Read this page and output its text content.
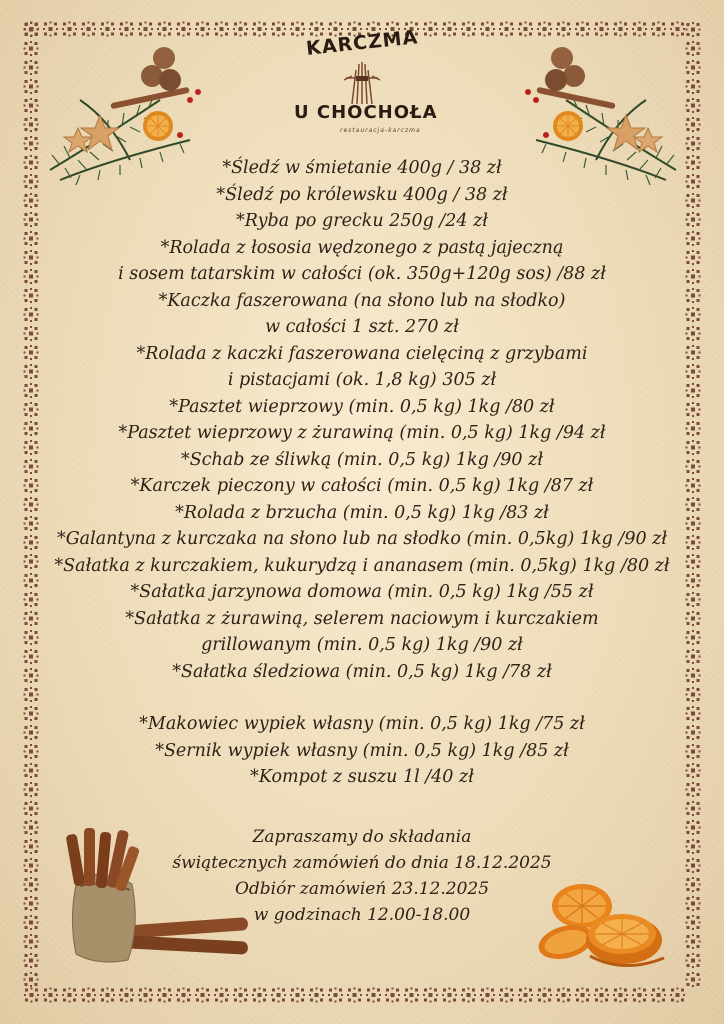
KARCZMA
U CHOCHOŁA
restauracja-karczma
*Śledź w śmietanie 400g / 38 zł
*Śledź po królewsku 400g / 38 zł
*Ryba po grecku 250g /24 zł
*Rolada z łososia wędzonego z pastą jajeczną
i sosem tatarskim w całości (ok. 350g+120g sos) /88 zł
*Kaczka faszerowana (na słono lub na słodko)
w całości 1 szt. 270 zł
*Rolada z kaczki faszerowana cielęciną z grzybami
i pistacjami (ok. 1,8 kg) 305 zł
*Pasztet wieprzowy (min. 0,5 kg) 1kg /80 zł
*Pasztet wieprzowy z żurawiną (min. 0,5 kg) 1kg /94 zł
*Schab ze śliwką (min. 0,5 kg) 1kg /90 zł
*Karczek pieczony w całości (min. 0,5 kg) 1kg /87 zł
*Rolada z brzucha (min. 0,5 kg) 1kg /83 zł
*Galantyna z kurczaka na słono lub na słodko (min. 0,5kg) 1kg /90 zł
*Sałatka z kurczakiem, kukurydzą i ananasem (min. 0,5kg) 1kg /80 zł
*Sałatka jarzynowa domowa (min. 0,5 kg) 1kg /55 zł
*Sałatka z żurawiną, selerem naciowym i kurczakiem
grillowanym (min. 0,5 kg) 1kg /90 zł
*Sałatka śledziowa (min. 0,5 kg) 1kg /78 zł
*Makowiec wypiek własny (min. 0,5 kg) 1kg /75 zł
*Sernik wypiek własny (min. 0,5 kg) 1kg /85 zł
*Kompot z suszu 1l /40 zł
Zapraszamy do składania
świątecznych zamówień do dnia 18.12.2025
Odbiór zamówień 23.12.2025
w godzinach 12.00-18.00
